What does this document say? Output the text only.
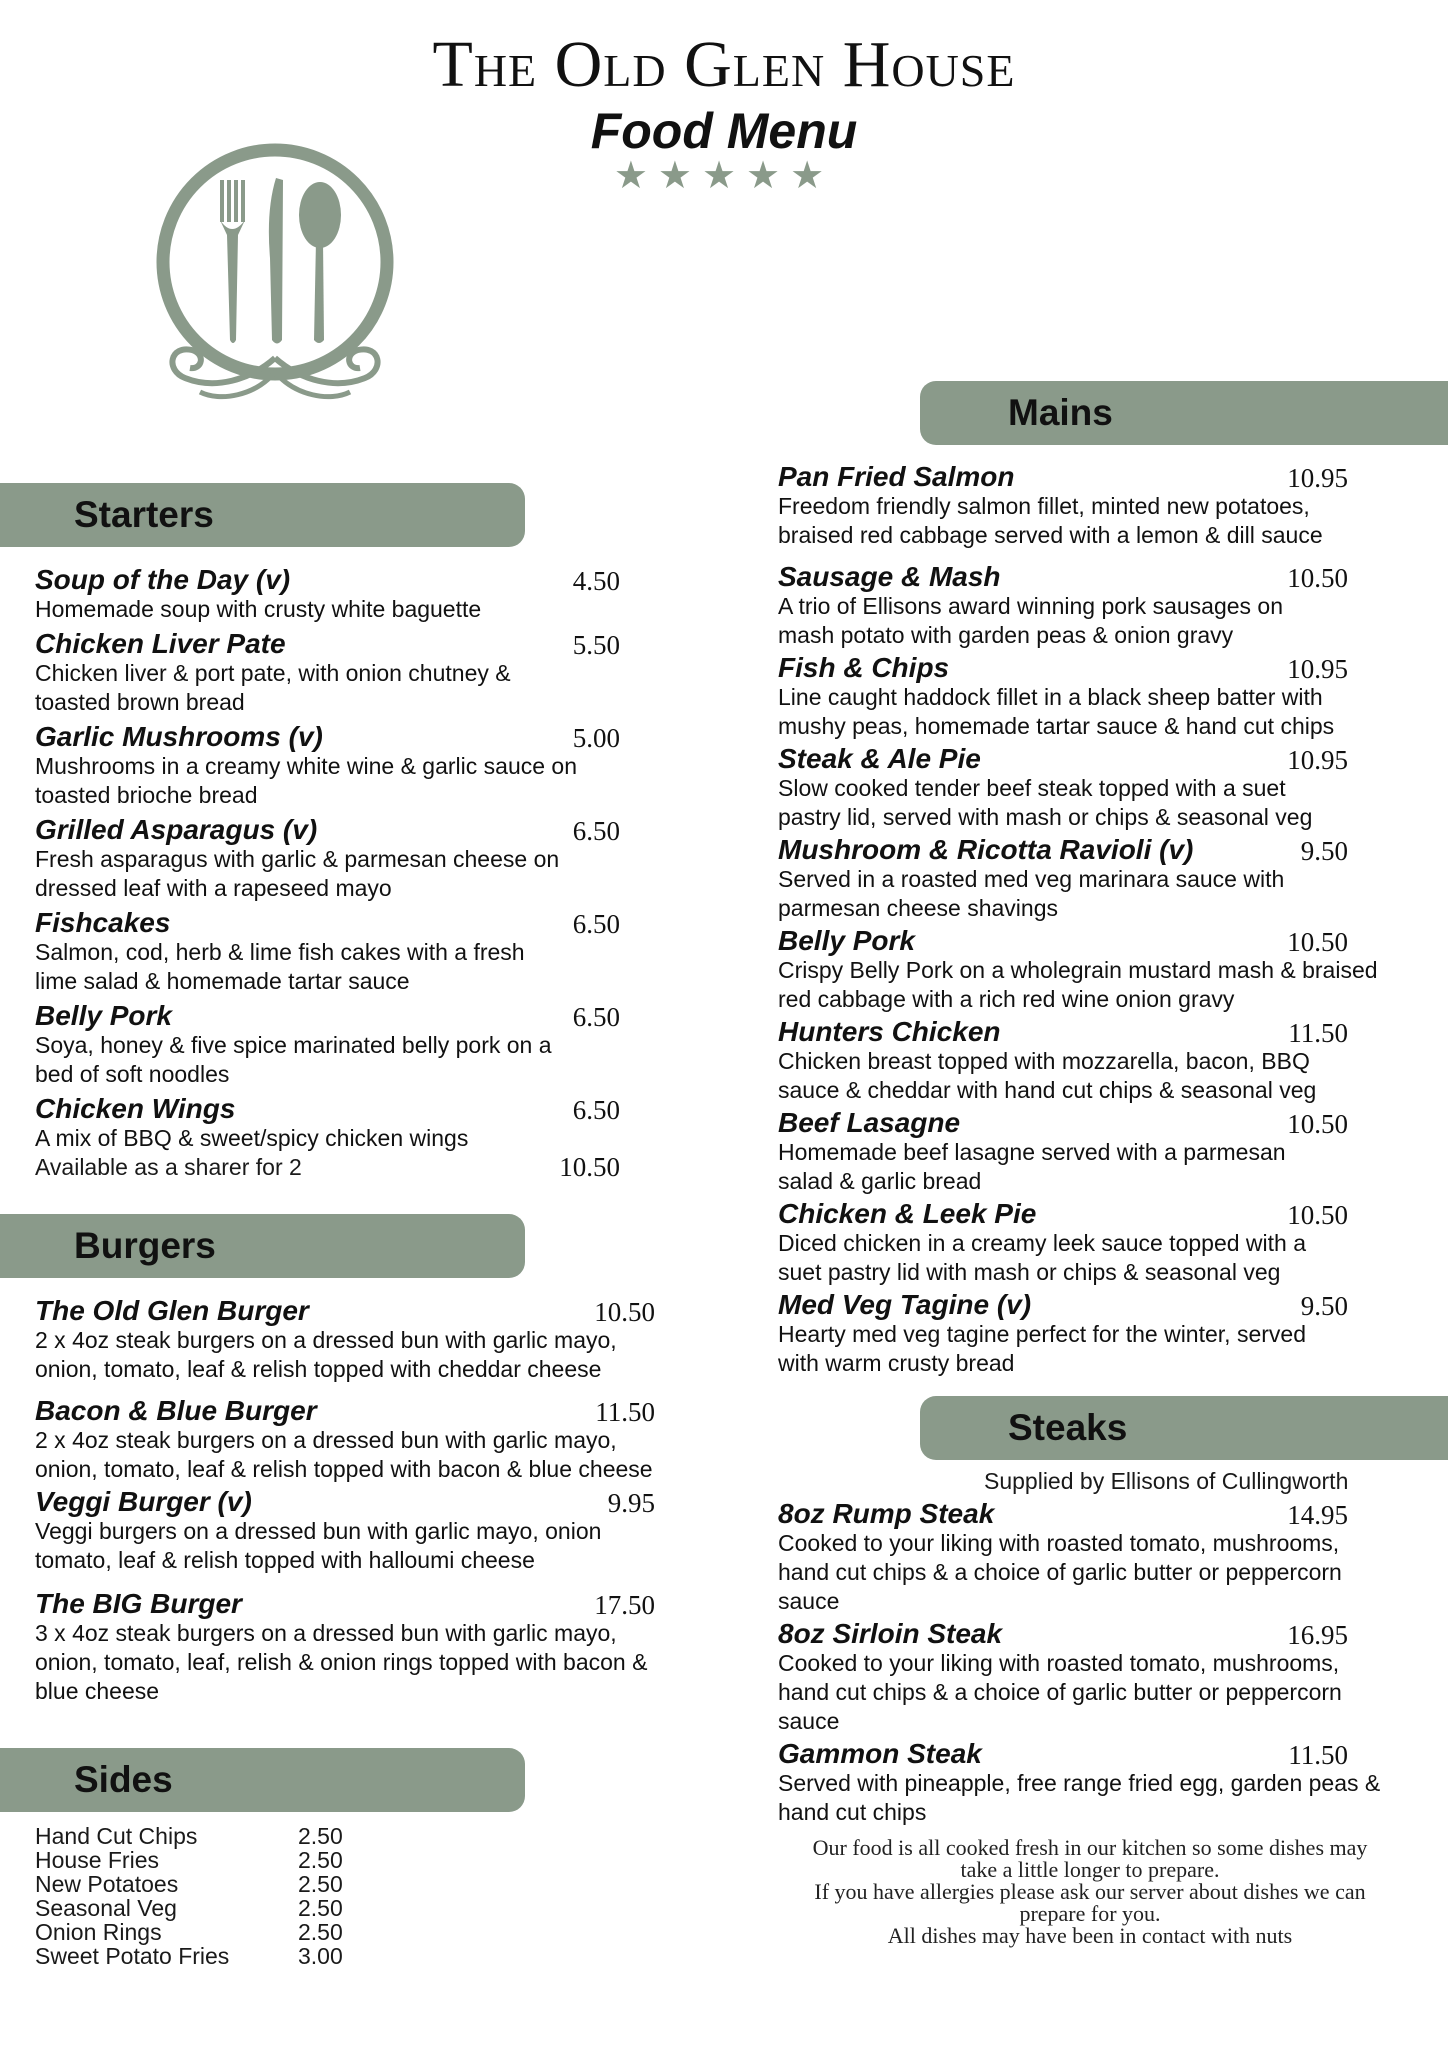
The Old Glen House
Food Menu
★★★★★
Starters
Burgers
Sides
Mains
Steaks
Soup of the Day (v)	4.50
Homemade soup with crusty white baguette
Chicken Liver Pate	5.50
Chicken liver & port pate, with onion chutney & toasted brown bread
Garlic Mushrooms (v)	5.00
Mushrooms in a creamy white wine & garlic sauce on toasted brioche bread
Grilled Asparagus (v)	6.50
Fresh asparagus with garlic & parmesan cheese on dressed leaf with a rapeseed mayo
Fishcakes	6.50
Salmon, cod, herb & lime fish cakes with a fresh lime salad & homemade tartar sauce
Belly Pork	6.50
Soya, honey & five spice marinated belly pork on a bed of soft noodles
Chicken Wings	6.50
A mix of BBQ & sweet/spicy chicken wings
Available as a sharer for 2	10.50
The Old Glen Burger	10.50
2 x 4oz steak burgers on a dressed bun with garlic mayo, onion, tomato, leaf & relish topped with cheddar cheese
Bacon & Blue Burger	11.50
2 x 4oz steak burgers on a dressed bun with garlic mayo, onion, tomato, leaf & relish topped with bacon & blue cheese
Veggi Burger (v)	9.95
Veggi burgers on a dressed bun with garlic mayo, onion tomato, leaf & relish topped with halloumi cheese
The BIG Burger	17.50
3 x 4oz steak burgers on a dressed bun with garlic mayo, onion, tomato, leaf, relish & onion rings topped with bacon & blue cheese
Hand Cut Chips	2.50
House Fries	2.50
New Potatoes	2.50
Seasonal Veg	2.50
Onion Rings	2.50
Sweet Potato Fries	3.00
Pan Fried Salmon	10.95
Freedom friendly salmon fillet, minted new potatoes, braised red cabbage served with a lemon & dill sauce
Sausage & Mash	10.50
A trio of Ellisons award winning pork sausages on mash potato with garden peas & onion gravy
Fish & Chips	10.95
Line caught haddock fillet in a black sheep batter with mushy peas, homemade tartar sauce & hand cut chips
Steak & Ale Pie	10.95
Slow cooked tender beef steak topped with a suet pastry lid, served with mash or chips & seasonal veg
Mushroom & Ricotta Ravioli (v)	9.50
Served in a roasted med veg marinara sauce with parmesan cheese shavings
Belly Pork	10.50
Crispy Belly Pork on a wholegrain mustard mash & braised red cabbage with a rich red wine onion gravy
Hunters Chicken	11.50
Chicken breast topped with mozzarella, bacon, BBQ sauce & cheddar with hand cut chips & seasonal veg
Beef Lasagne	10.50
Homemade beef lasagne served with a parmesan salad & garlic bread
Chicken & Leek Pie	10.50
Diced chicken in a creamy leek sauce topped with a suet pastry lid with mash or chips & seasonal veg
Med Veg Tagine (v)	9.50
Hearty med veg tagine perfect for the winter, served with warm crusty bread
Supplied by Ellisons of Cullingworth
8oz Rump Steak	14.95
Cooked to your liking with roasted tomato, mushrooms, hand cut chips & a choice of garlic butter or peppercorn sauce
8oz Sirloin Steak	16.95
Cooked to your liking with roasted tomato, mushrooms, hand cut chips & a choice of garlic butter or peppercorn sauce
Gammon Steak	11.50
Served with pineapple, free range fried egg, garden peas & hand cut chips
Our food is all cooked fresh in our kitchen so some dishes may take a little longer to prepare.
If you have allergies please ask our server about dishes we can prepare for you.
All dishes may have been in contact with nuts
